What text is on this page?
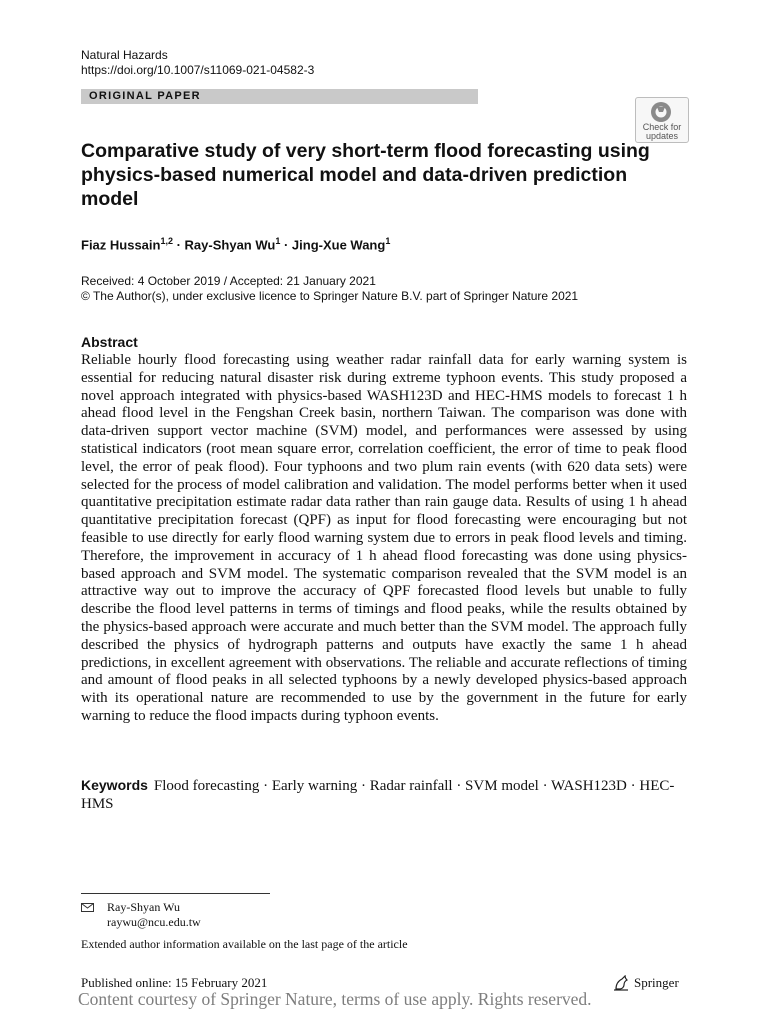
Natural Hazards
https://doi.org/10.1007/s11069-021-04582-3
ORIGINAL PAPER
Check for
updates
Comparative study of very short-term flood forecasting using physics-based numerical model and data-driven prediction model
Fiaz Hussain$^{1,2}$ · Ray-Shyan $Wu^1$ · Jing-Xue Wang$^1$
Received: 4 October 2019 / Accepted: 21 January 2021
© The Author(s), under exclusive licence to Springer Nature B.V. part of Springer Nature 2021
Abstract
Reliable hourly flood forecasting using weather radar rainfall data for early warning system is essential for reducing natural disaster risk during extreme typhoon events. This study proposed a novel approach integrated with physics-based WASH123D and HEC-HMS models to forecast 1 h ahead flood level in the Fengshan Creek basin, northern Taiwan. The comparison was done with data-driven support vector machine (SVM) model, and performances were assessed by using statistical indicators (root mean square error, correlation coefficient, the error of time to peak flood level, the error of peak flood). Four typhoons and two plum rain events (with 620 data sets) were selected for the process of model calibration and validation. The model performs better when it used quantitative precipitation estimate radar data rather than rain gauge data. Results of using 1 h ahead quantitative precipitation forecast (QPF) as input for flood forecasting were encouraging but not feasible to use directly for early flood warning system due to errors in peak flood levels and timing. Therefore, the improvement in accuracy of 1 h ahead flood forecasting was done using physics-based approach and SVM model. The systematic comparison revealed that the SVM model is an attractive way out to improve the accuracy of QPF forecasted flood levels but unable to fully describe the flood level patterns in terms of timings and flood peaks, while the results obtained by the physics-based approach were accurate and much better than the SVM model. The approach fully described the physics of hydrograph patterns and outputs have exactly the same 1 h ahead predictions, in excellent agreement with observations. The reliable and accurate reflections of timing and amount of flood peaks in all selected typhoons by a newly developed physics-based approach with its operational nature are recommended to use by the government in the future for early warning to reduce the flood impacts during typhoon events.
Keywords Flood forecasting · Early warning · Radar rainfall · SVM model · WASH123D · HEC-HMS
Ray-Shyan Wu
raywu@ncu.edu.tw
Extended author information available on the last page of the article
Published online: 15 February 2021	Springer
Content courtesy of Springer Nature, terms of use apply. Rights reserved.
